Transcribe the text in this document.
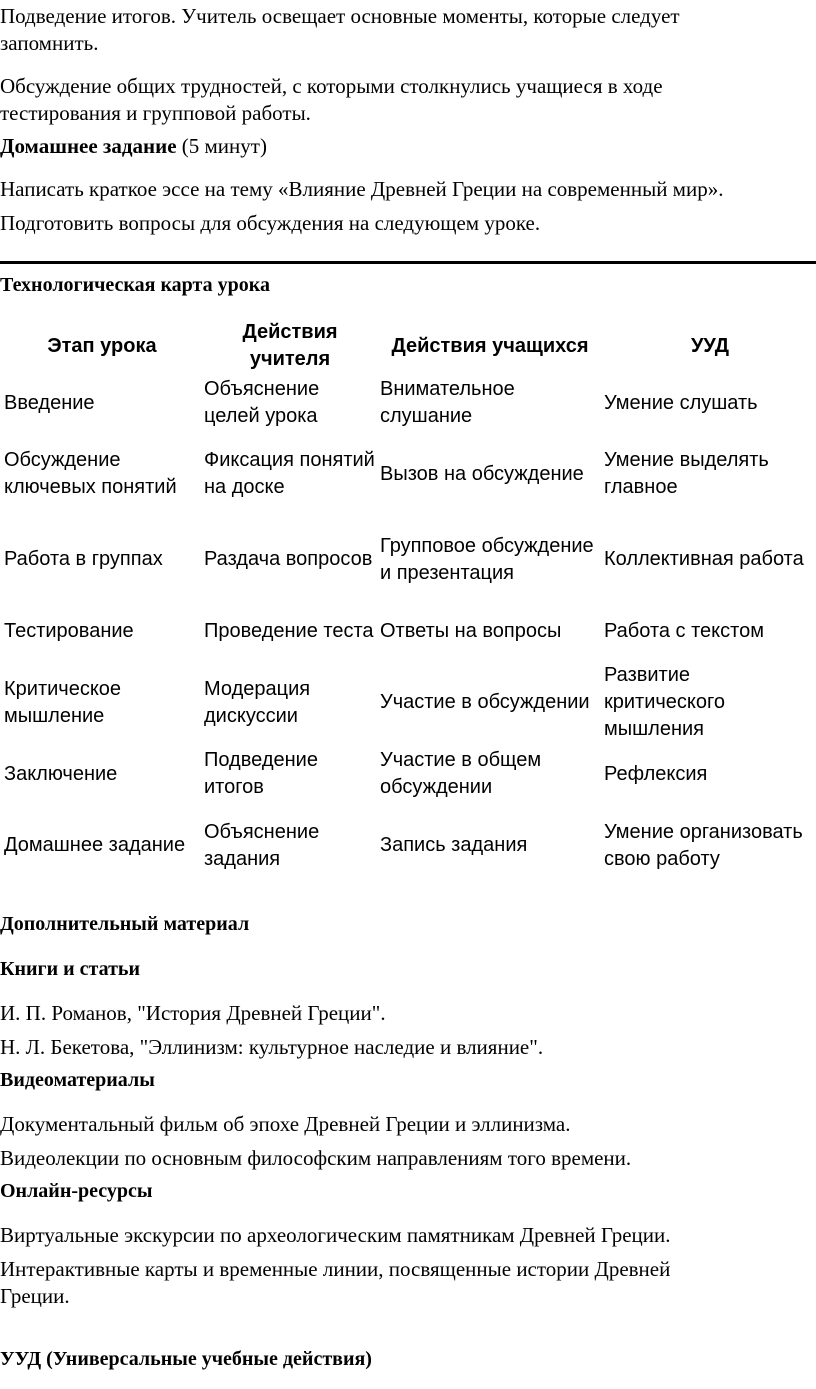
Подведение итогов. Учитель освещает основные моменты, которые следует

запомнить.

Обсуждение общих трудностей, с которыми столкнулись учащиеся в ходе

тестирования и групповой работы.

Домашнее задание (5 минут)

Написать краткое эссе на тему «Влияние Древней Греции на современный мир».

Подготовить вопросы для обсуждения на следующем уроке.

Технологическая карта урока

Этап урока	Действия учителя	Действия учащихся	УУД
Введение	Объяснение целей урока	Внимательное слушание	Умение слушать
Обсуждение ключевых понятий	Фиксация понятий на доске	Вызов на обсуждение	Умение выделять главное
Работа в группах	Раздача вопросов	Групповое обсуждение и презентация	Коллективная работа
Тестирование	Проведение теста	Ответы на вопросы	Работа с текстом
Критическое мышление	Модерация дискуссии	Участие в обсуждении	Развитие критического мышления
Заключение	Подведение итогов	Участие в общем обсуждении	Рефлексия
Домашнее задание	Объяснение задания	Запись задания	Умение организовать свою работу

Дополнительный материал

Книги и статьи

И. П. Романов, "История Древней Греции".

Н. Л. Бекетова, "Эллинизм: культурное наследие и влияние".

Видеоматериалы

Документальный фильм об эпохе Древней Греции и эллинизма.

Видеолекции по основным философским направлениям того времени.

Онлайн-ресурсы

Виртуальные экскурсии по археологическим памятникам Древней Греции.

Интерактивные карты и временные линии, посвященные истории Древней

Греции.

УУД (Универсальные учебные действия)
